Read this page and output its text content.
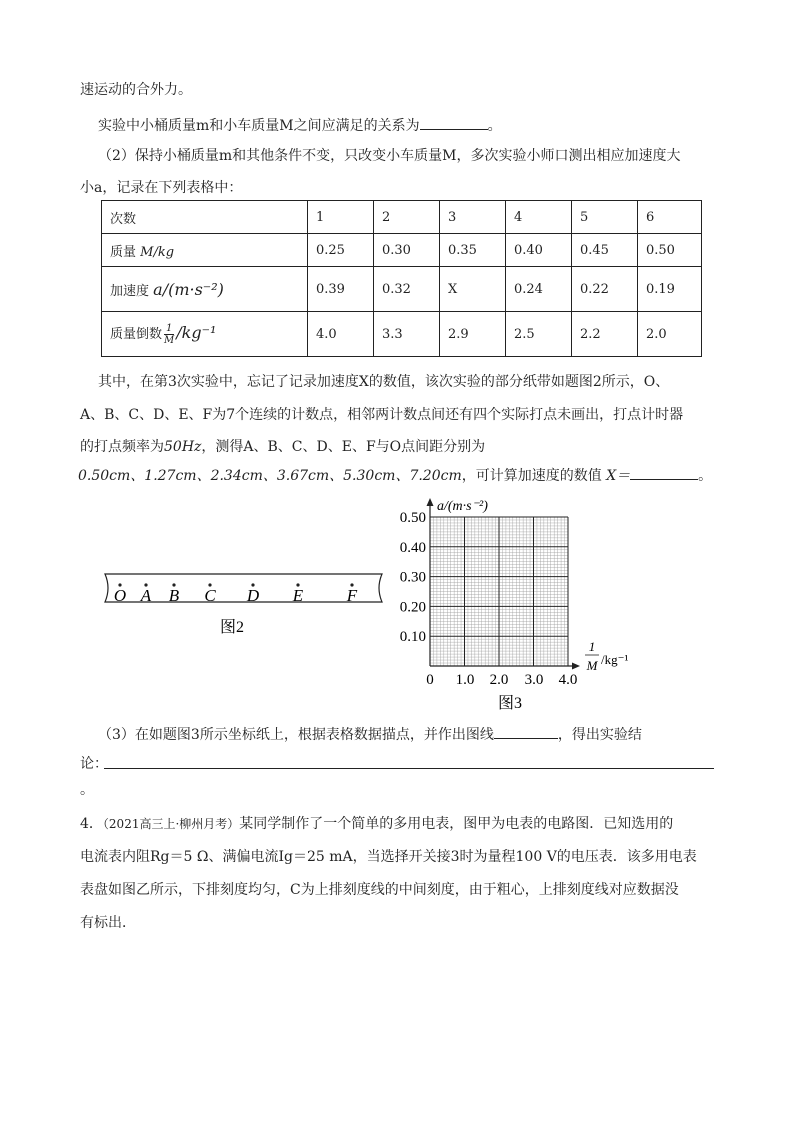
速运动的合外力。
实验中小桶质量m和小车质量M之间应满足的关系为	。
（2）保持小桶质量m和其他条件不变，只改变小车质量M，多次实验小师口测出相应加速度大
小a，记录在下列表格中：
次数	1	2	3	4	5	6
质量 M/kg	0.25	0.30	0.35	0.40	0.45	0.50
加速度 a/(m·s⁻²)	0.39	0.32	X	0.24	0.22	0.19
质量倒数 $\frac{1}{M} /kg^{-1}$	4.0	3.3	2.9	2.5	2.2	2.0
其中，在第3次实验中，忘记了记录加速度X的数值，该次实验的部分纸带如题图2所示，O、
A、B、C、D、E、F为7个连续的计数点，相邻两计数点间还有四个实际打点未画出，打点计时器
的打点频率为50Hz，测得A、B、C、D、E、F与O点间距分别为
0.50cm、1.27cm、2.34cm、3.67cm、5.30cm、7.20cm，可计算加速度的数值 X＝	。
O A B C D E	F
图2
a/(m·s⁻²)
0.50
0.40
0.30
0.20
0.10
0 1.0 2.0 3.0 4.0
1
M /kg⁻¹
图3
（3）在如题图3所示坐标纸上，根据表格数据描点，并作出图线	，得出实验结
论：
。
4．（2021高三上·柳州月考）某同学制作了一个简单的多用电表，图甲为电表的电路图．已知选用的
电流表内阻Rg＝5 Ω、满偏电流Ig＝25 mA，当选择开关接3时为量程100 V的电压表．该多用电表
表盘如图乙所示，下排刻度均匀，C为上排刻度线的中间刻度，由于粗心，上排刻度线对应数据没
有标出．
